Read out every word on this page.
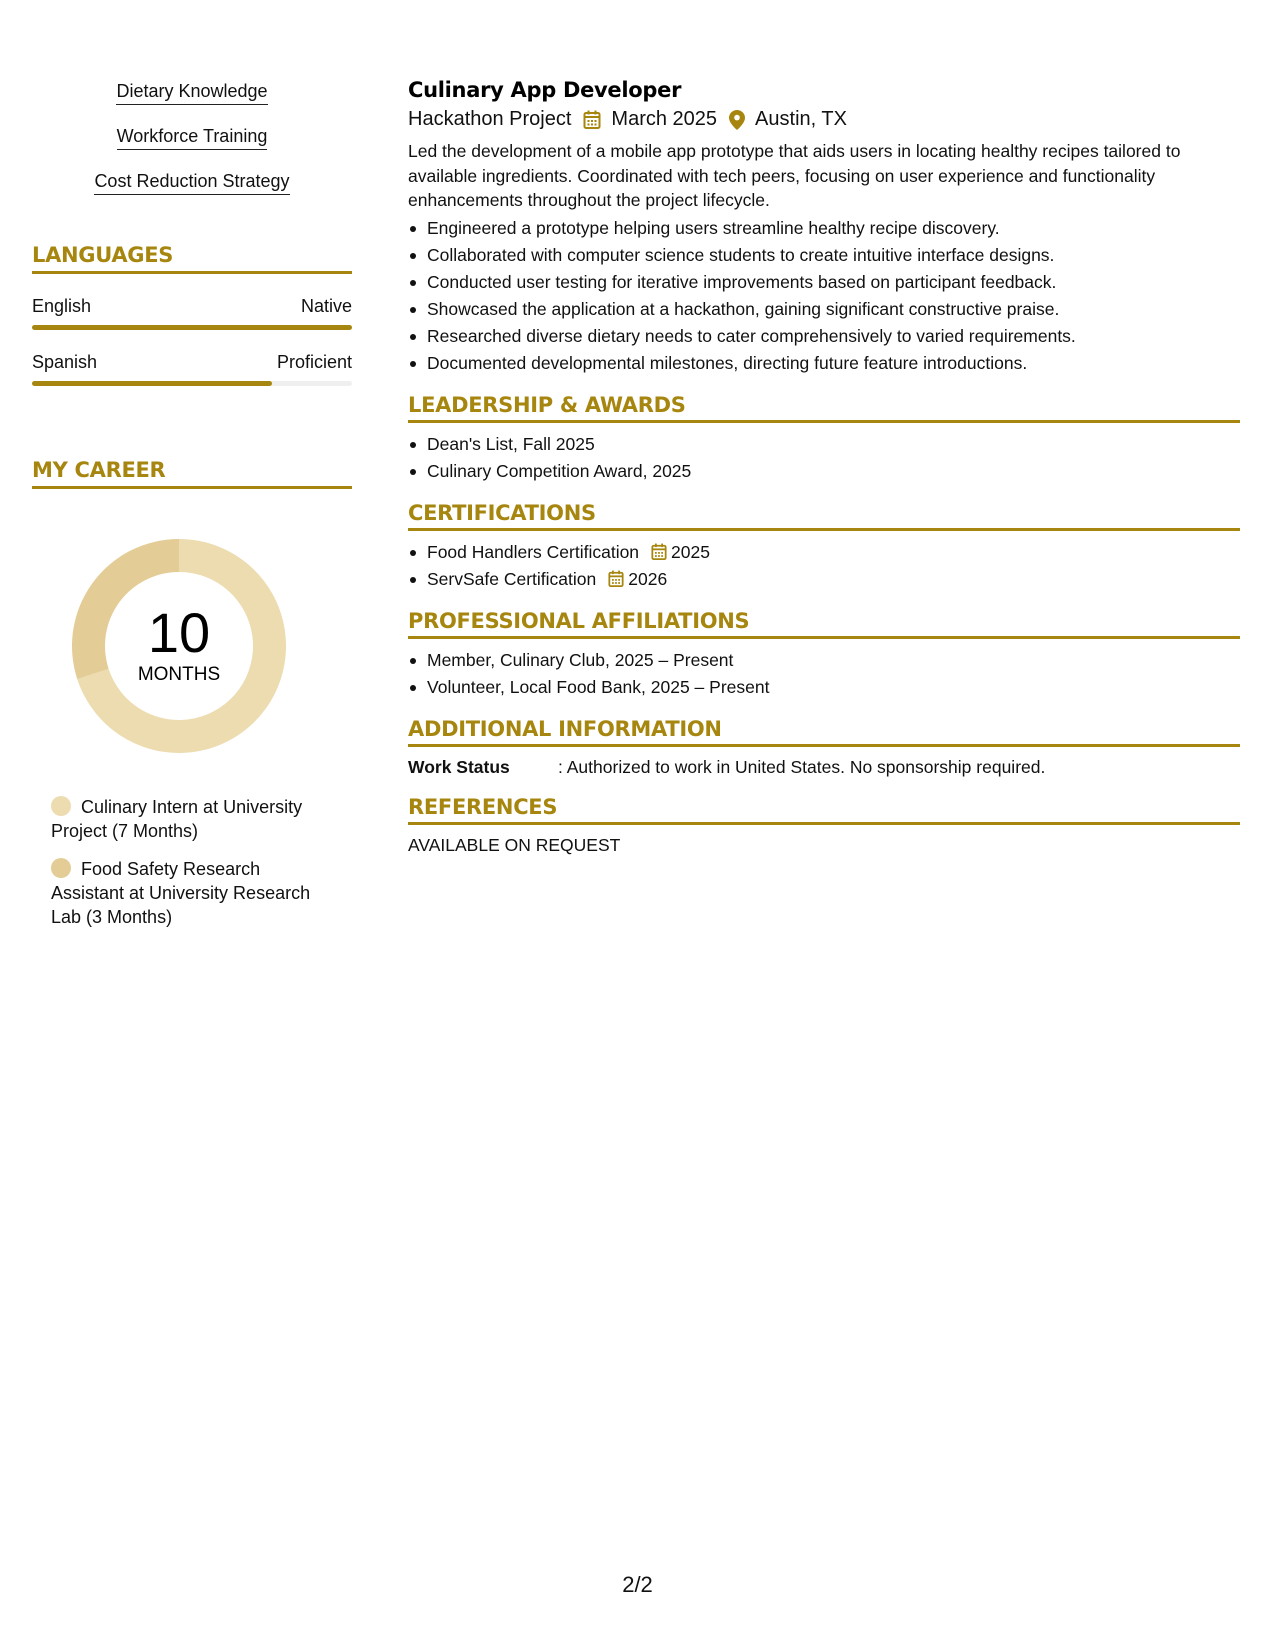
Dietary Knowledge
Workforce Training
Cost Reduction Strategy
LANGUAGES
English	Native
Spanish	Proficient
MY CAREER
10
MONTHS
Culinary Intern at University Project (7 Months)
Food Safety Research Assistant at University Research Lab (3 Months)
Culinary App Developer
Hackathon Project March 2025 Austin, TX

Led the development of a mobile app prototype that aids users in locating healthy recipes tailored to available ingredients. Coordinated with tech peers, focusing on user experience and functionality enhancements throughout the project lifecycle.

Engineered a prototype helping users streamline healthy recipe discovery.
Collaborated with computer science students to create intuitive interface designs.
Conducted user testing for iterative improvements based on participant feedback.
Showcased the application at a hackathon, gaining significant constructive praise.
Researched diverse dietary needs to cater comprehensively to varied requirements.
Documented developmental milestones, directing future feature introductions.
LEADERSHIP & AWARDS
Dean's List, Fall 2025
Culinary Competition Award, 2025
CERTIFICATIONS
Food Handlers Certification 2025
ServSafe Certification 2026
PROFESSIONAL AFFILIATIONS
Member, Culinary Club, 2025 – Present
Volunteer, Local Food Bank, 2025 – Present
ADDITIONAL INFORMATION
Work Status	: Authorized to work in United States. No sponsorship required.
REFERENCES
AVAILABLE ON REQUEST
2/2
